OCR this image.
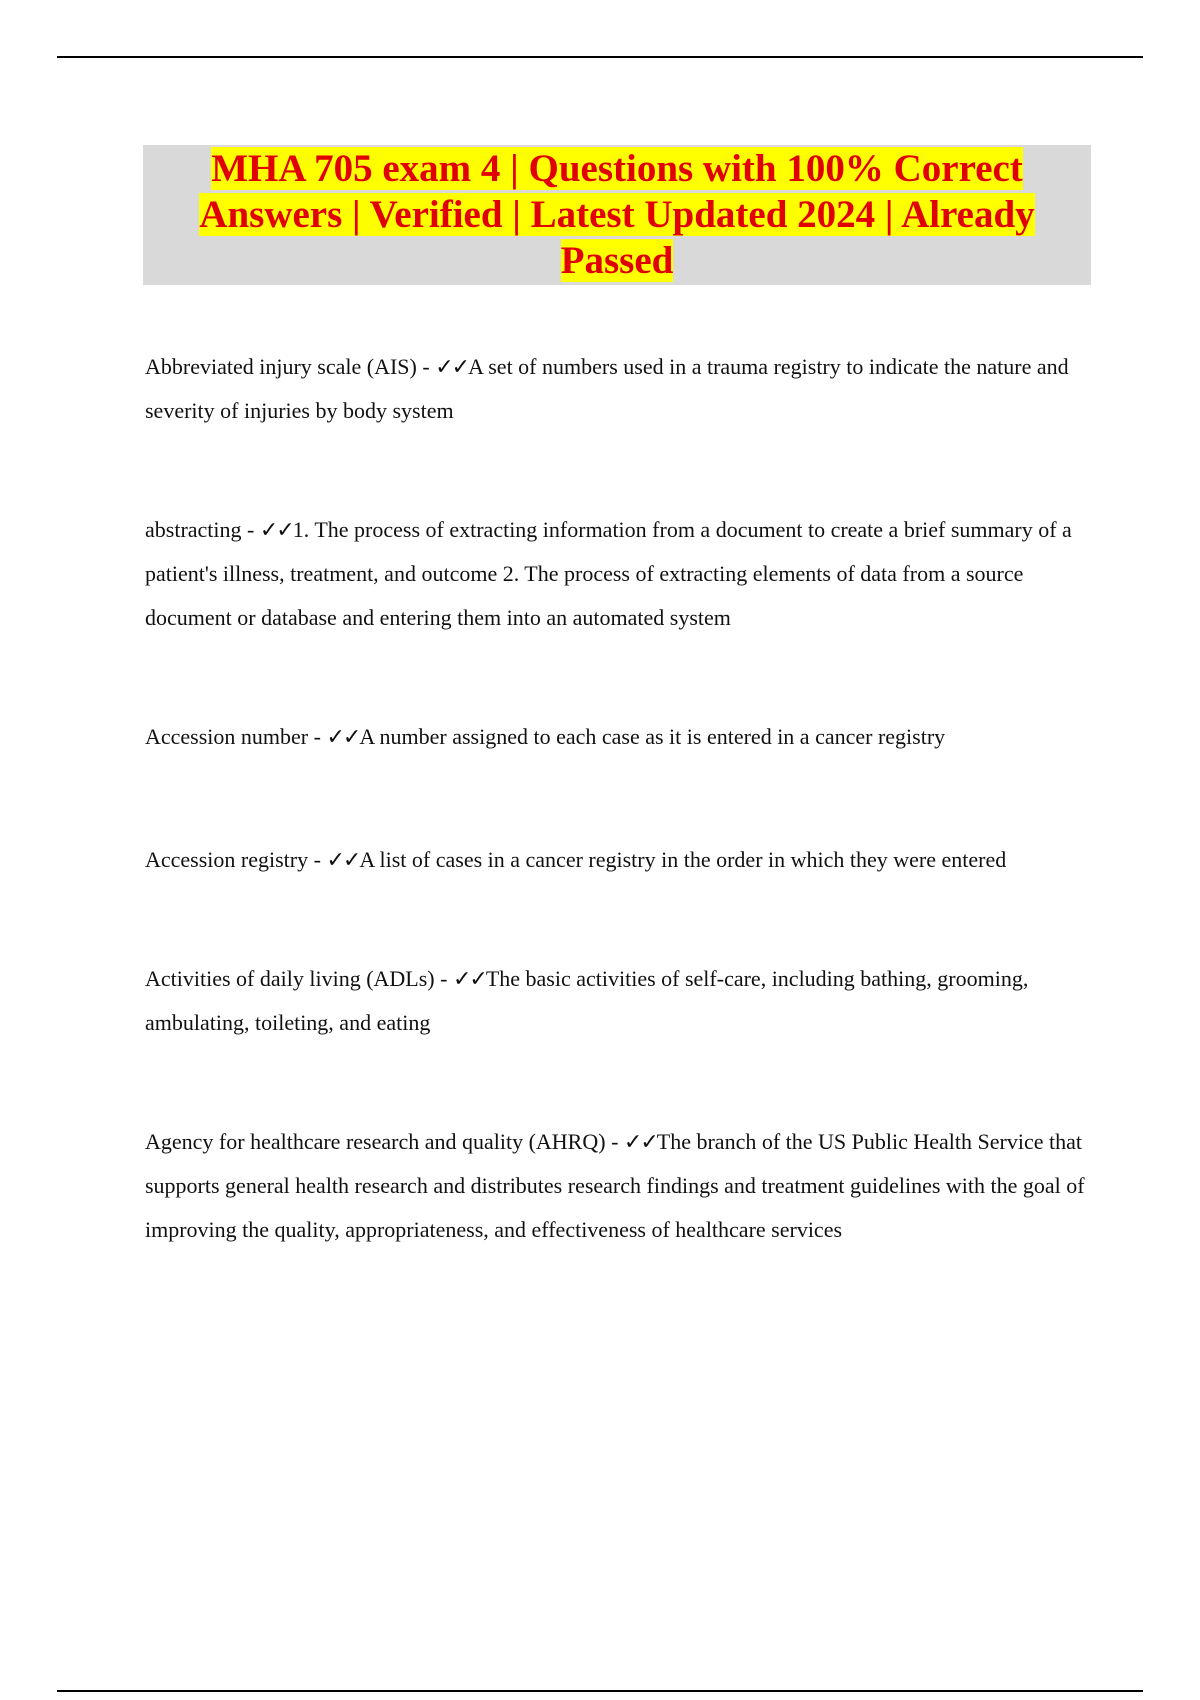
MHA 705 exam 4 | Questions with 100% Correct Answers | Verified | Latest Updated 2024 | Already Passed

Abbreviated injury scale (AIS) - ✓✓A set of numbers used in a trauma registry to indicate the nature and severity of injuries by body system

abstracting - ✓✓1. The process of extracting information from a document to create a brief summary of a patient's illness, treatment, and outcome 2. The process of extracting elements of data from a source document or database and entering them into an automated system

Accession number - ✓✓A number assigned to each case as it is entered in a cancer registry

Accession registry - ✓✓A list of cases in a cancer registry in the order in which they were entered

Activities of daily living (ADLs) - ✓✓The basic activities of self-care, including bathing, grooming, ambulating, toileting, and eating

Agency for healthcare research and quality (AHRQ) - ✓✓The branch of the US Public Health Service that supports general health research and distributes research findings and treatment guidelines with the goal of improving the quality, appropriateness, and effectiveness of healthcare services
